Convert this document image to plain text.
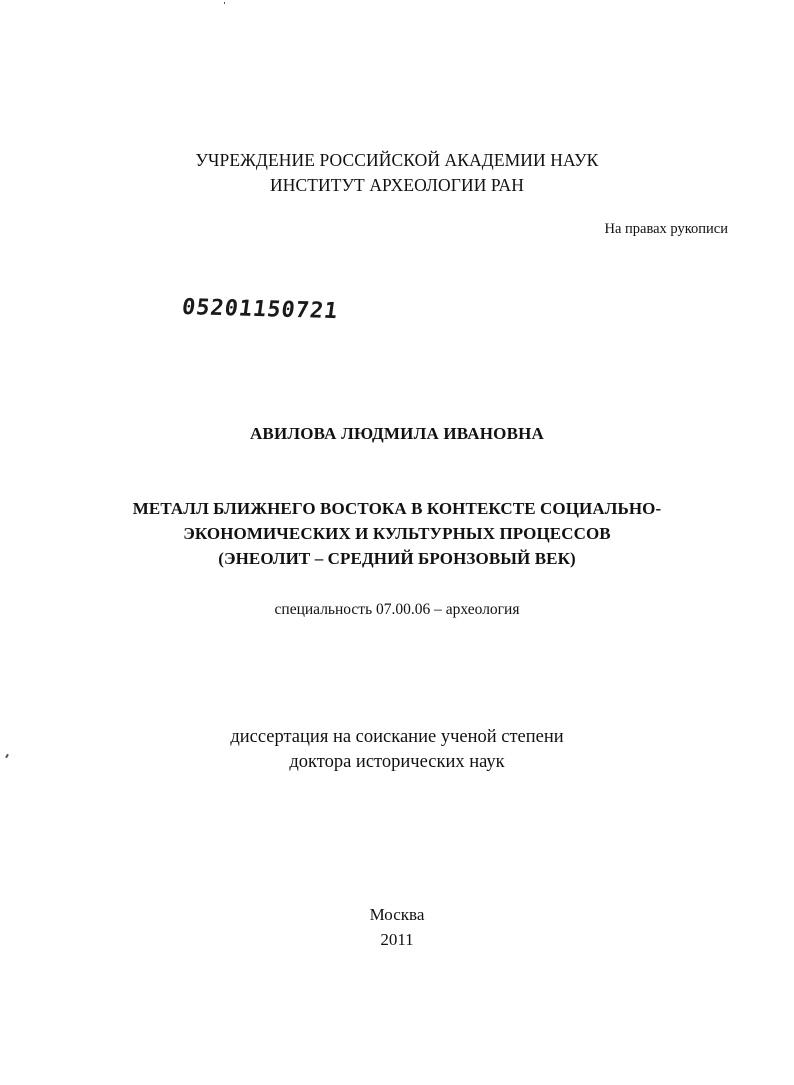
УЧРЕЖДЕНИЕ РОССИЙСКОЙ АКАДЕМИИ НАУК
ИНСТИТУТ АРХЕОЛОГИИ РАН
На правах рукописи
05201150721
АВИЛОВА ЛЮДМИЛА ИВАНОВНА
МЕТАЛЛ БЛИЖНЕГО ВОСТОКА В КОНТЕКСТЕ СОЦИАЛЬНО-
ЭКОНОМИЧЕСКИХ И КУЛЬТУРНЫХ ПРОЦЕССОВ
(ЭНЕОЛИТ – СРЕДНИЙ БРОНЗОВЫЙ ВЕК)
специальность 07.00.06 – археология
диссертация на соискание ученой степени
доктора исторических наук
Москва
2011
